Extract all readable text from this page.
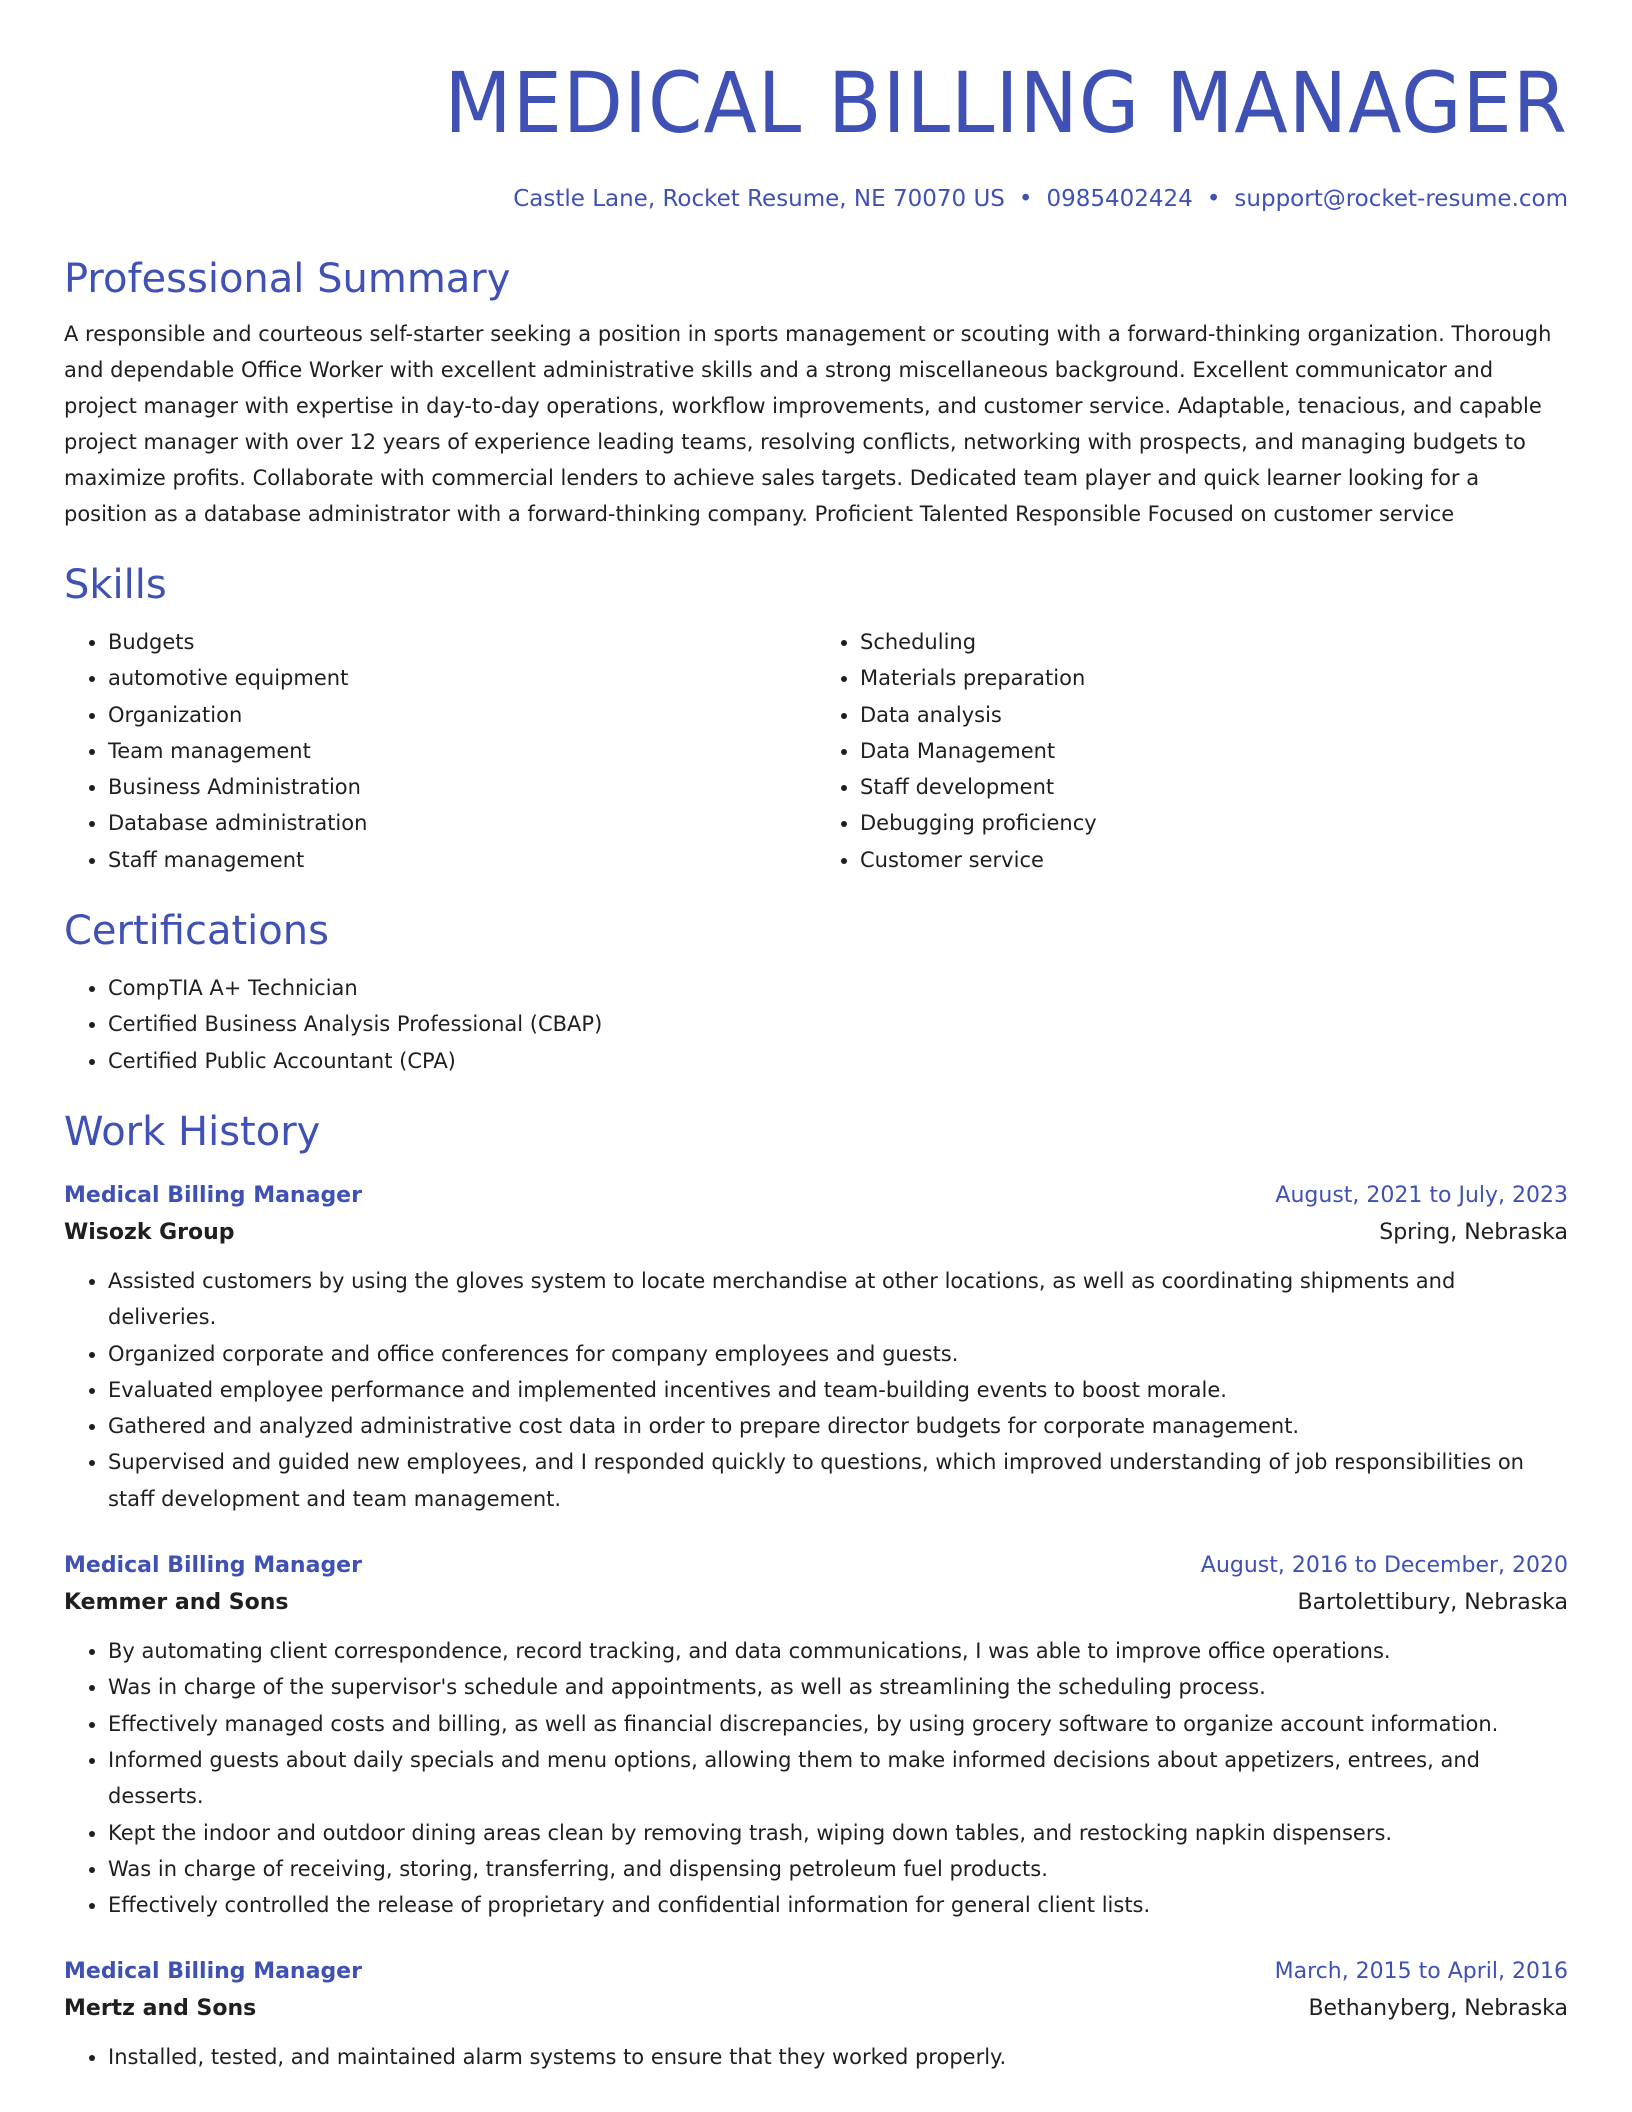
MEDICAL BILLING MANAGER
Castle Lane, Rocket Resume, NE 70070 US • 0985402424 • support@rocket-resume.com
Professional Summary
A responsible and courteous self-starter seeking a position in sports management or scouting with a forward-thinking organization. Thorough and dependable Office Worker with excellent administrative skills and a strong miscellaneous background. Excellent communicator and project manager with expertise in day-to-day operations, workflow improvements, and customer service. Adaptable, tenacious, and capable project manager with over 12 years of experience leading teams, resolving conflicts, networking with prospects, and managing budgets to maximize profits. Collaborate with commercial lenders to achieve sales targets. Dedicated team player and quick learner looking for a position as a database administrator with a forward-thinking company. Proficient Talented Responsible Focused on customer service
Skills
• Budgets
• automotive equipment
• Organization
• Team management
• Business Administration
• Database administration
• Staff management
• Scheduling
• Materials preparation
• Data analysis
• Data Management
• Staff development
• Debugging proficiency
• Customer service
Certifications
• CompTIA A+ Technician
• Certified Business Analysis Professional (CBAP)
• Certified Public Accountant (CPA)
Work History
Medical Billing Manager	August, 2021 to July, 2023
Wisozk Group	Spring, Nebraska
• Assisted customers by using the gloves system to locate merchandise at other locations, as well as coordinating shipments and deliveries.
• Organized corporate and office conferences for company employees and guests.
• Evaluated employee performance and implemented incentives and team-building events to boost morale.
• Gathered and analyzed administrative cost data in order to prepare director budgets for corporate management.
• Supervised and guided new employees, and I responded quickly to questions, which improved understanding of job responsibilities on staff development and team management.
Medical Billing Manager	August, 2016 to December, 2020
Kemmer and Sons	Bartolettibury, Nebraska
• By automating client correspondence, record tracking, and data communications, I was able to improve office operations.
• Was in charge of the supervisor's schedule and appointments, as well as streamlining the scheduling process.
• Effectively managed costs and billing, as well as financial discrepancies, by using grocery software to organize account information.
• Informed guests about daily specials and menu options, allowing them to make informed decisions about appetizers, entrees, and desserts.
• Kept the indoor and outdoor dining areas clean by removing trash, wiping down tables, and restocking napkin dispensers.
• Was in charge of receiving, storing, transferring, and dispensing petroleum fuel products.
• Effectively controlled the release of proprietary and confidential information for general client lists.
Medical Billing Manager	March, 2015 to April, 2016
Mertz and Sons	Bethanyberg, Nebraska
• Installed, tested, and maintained alarm systems to ensure that they worked properly.
